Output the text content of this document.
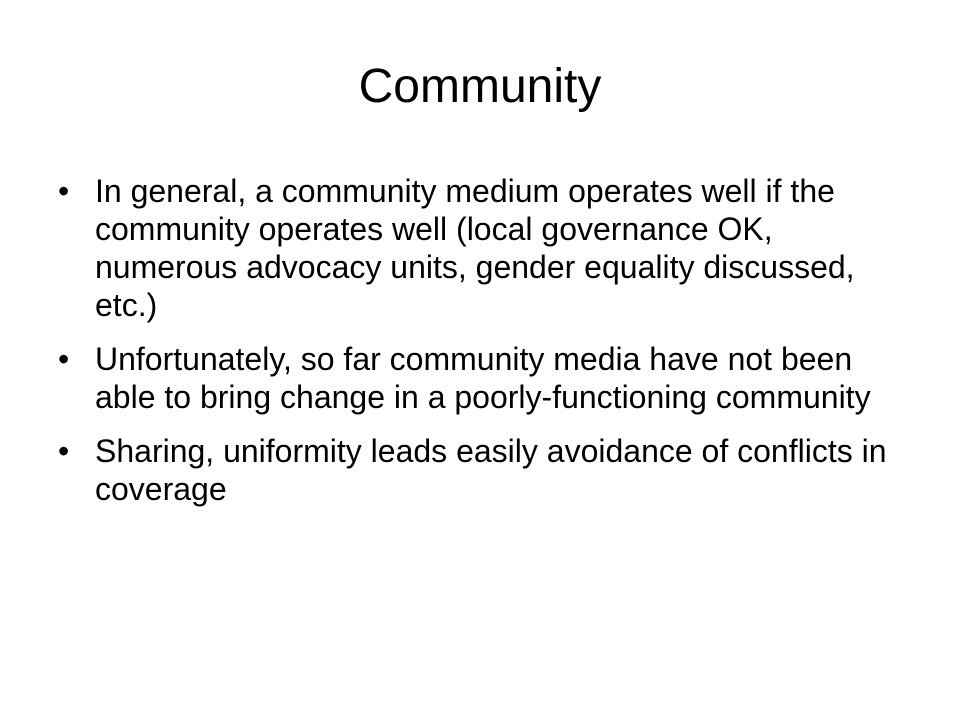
Community
• In general, a community medium operates well if the community operates well (local governance OK, numerous advocacy units, gender equality discussed, etc.)
• Unfortunately, so far community media have not been able to bring change in a poorly-functioning community
• Sharing, uniformity leads easily avoidance of conflicts in coverage
